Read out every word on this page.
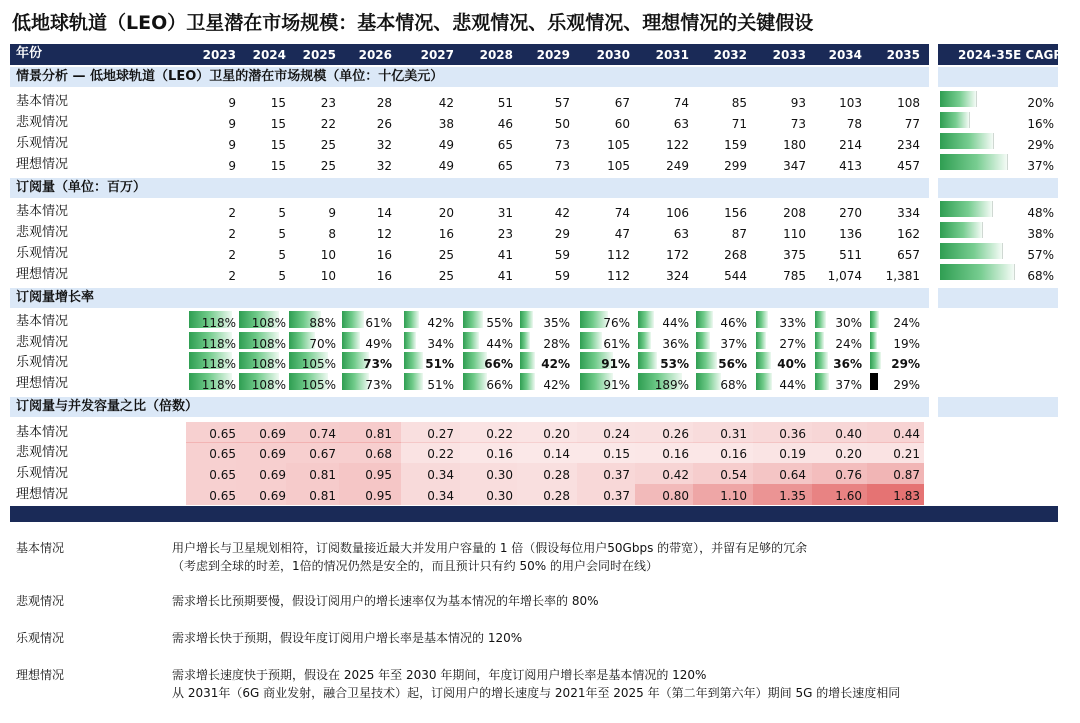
低地球轨道（LEO）卫星潜在市场规模：基本情况、悲观情况、乐观情况、理想情况的关键假设
年份	2023	2024	2025	2026	2027	2028	2029	2030	2031	2032	2033	2034	2035	2024-35E CAGR
情景分析 — 低地球轨道（LEO）卫星的潜在市场规模（单位：十亿美元）
基本情况	9	15	23	28	42	51	57	67	74	85	93	103	108	20%
悲观情况	9	15	22	26	38	46	50	60	63	71	73	78	77	16%
乐观情况	9	15	25	32	49	65	73	105	122	159	180	214	234	29%
理想情况	9	15	25	32	49	65	73	105	249	299	347	413	457	37%
订阅量（单位：百万）
基本情况	2	5	9	14	20	31	42	74	106	156	208	270	334	48%
悲观情况	2	5	8	12	16	23	29	47	63	87	110	136	162	38%
乐观情况	2	5	10	16	25	41	59	112	172	268	375	511	657	57%
理想情况	2	5	10	16	25	41	59	112	324	544	785	1,074	1,381	68%
订阅量增长率
基本情况	118%	108%	88%	61%	42%	55%	35%	76%	44%	46%	33%	30%	24%
悲观情况	118%	108%	70%	49%	34%	44%	28%	61%	36%	37%	27%	24%	19%
乐观情况	118%	108%	105%	73%	51%	66%	42%	91%	53%	56%	40%	36%	29%
理想情况	118%	108%	105%	73%	51%	66%	42%	91%	189%	68%	44%	37%	29%
订阅量与并发容量之比（倍数）
基本情况	0.65	0.69	0.74	0.81	0.27	0.22	0.20	0.24	0.26	0.31	0.36	0.40	0.44
悲观情况	0.65	0.69	0.67	0.68	0.22	0.16	0.14	0.15	0.16	0.16	0.19	0.20	0.21
乐观情况	0.65	0.69	0.81	0.95	0.34	0.30	0.28	0.37	0.42	0.54	0.64	0.76	0.87
理想情况	0.65	0.69	0.81	0.95	0.34	0.30	0.28	0.37	0.80	1.10	1.35	1.60	1.83
基本情况	用户增长与卫星规划相符，订阅数量接近最大并发用户容量的 1 倍（假设每位用户50Gbps 的带宽），并留有足够的冗余
（考虑到全球的时差，1倍的情况仍然是安全的，而且预计只有约 50% 的用户会同时在线）
悲观情况	需求增长比预期要慢，假设订阅用户的增长速率仅为基本情况的年增长率的 80%
乐观情况	需求增长快于预期，假设年度订阅用户增长率是基本情况的 120%
理想情况	需求增长速度快于预期，假设在 2025 年至 2030 年期间，年度订阅用户增长率是基本情况的 120%
从 2031年（6G 商业发射，融合卫星技术）起，订阅用户的增长速度与 2021年至 2025 年（第二年到第六年）期间 5G 的增长速度相同
